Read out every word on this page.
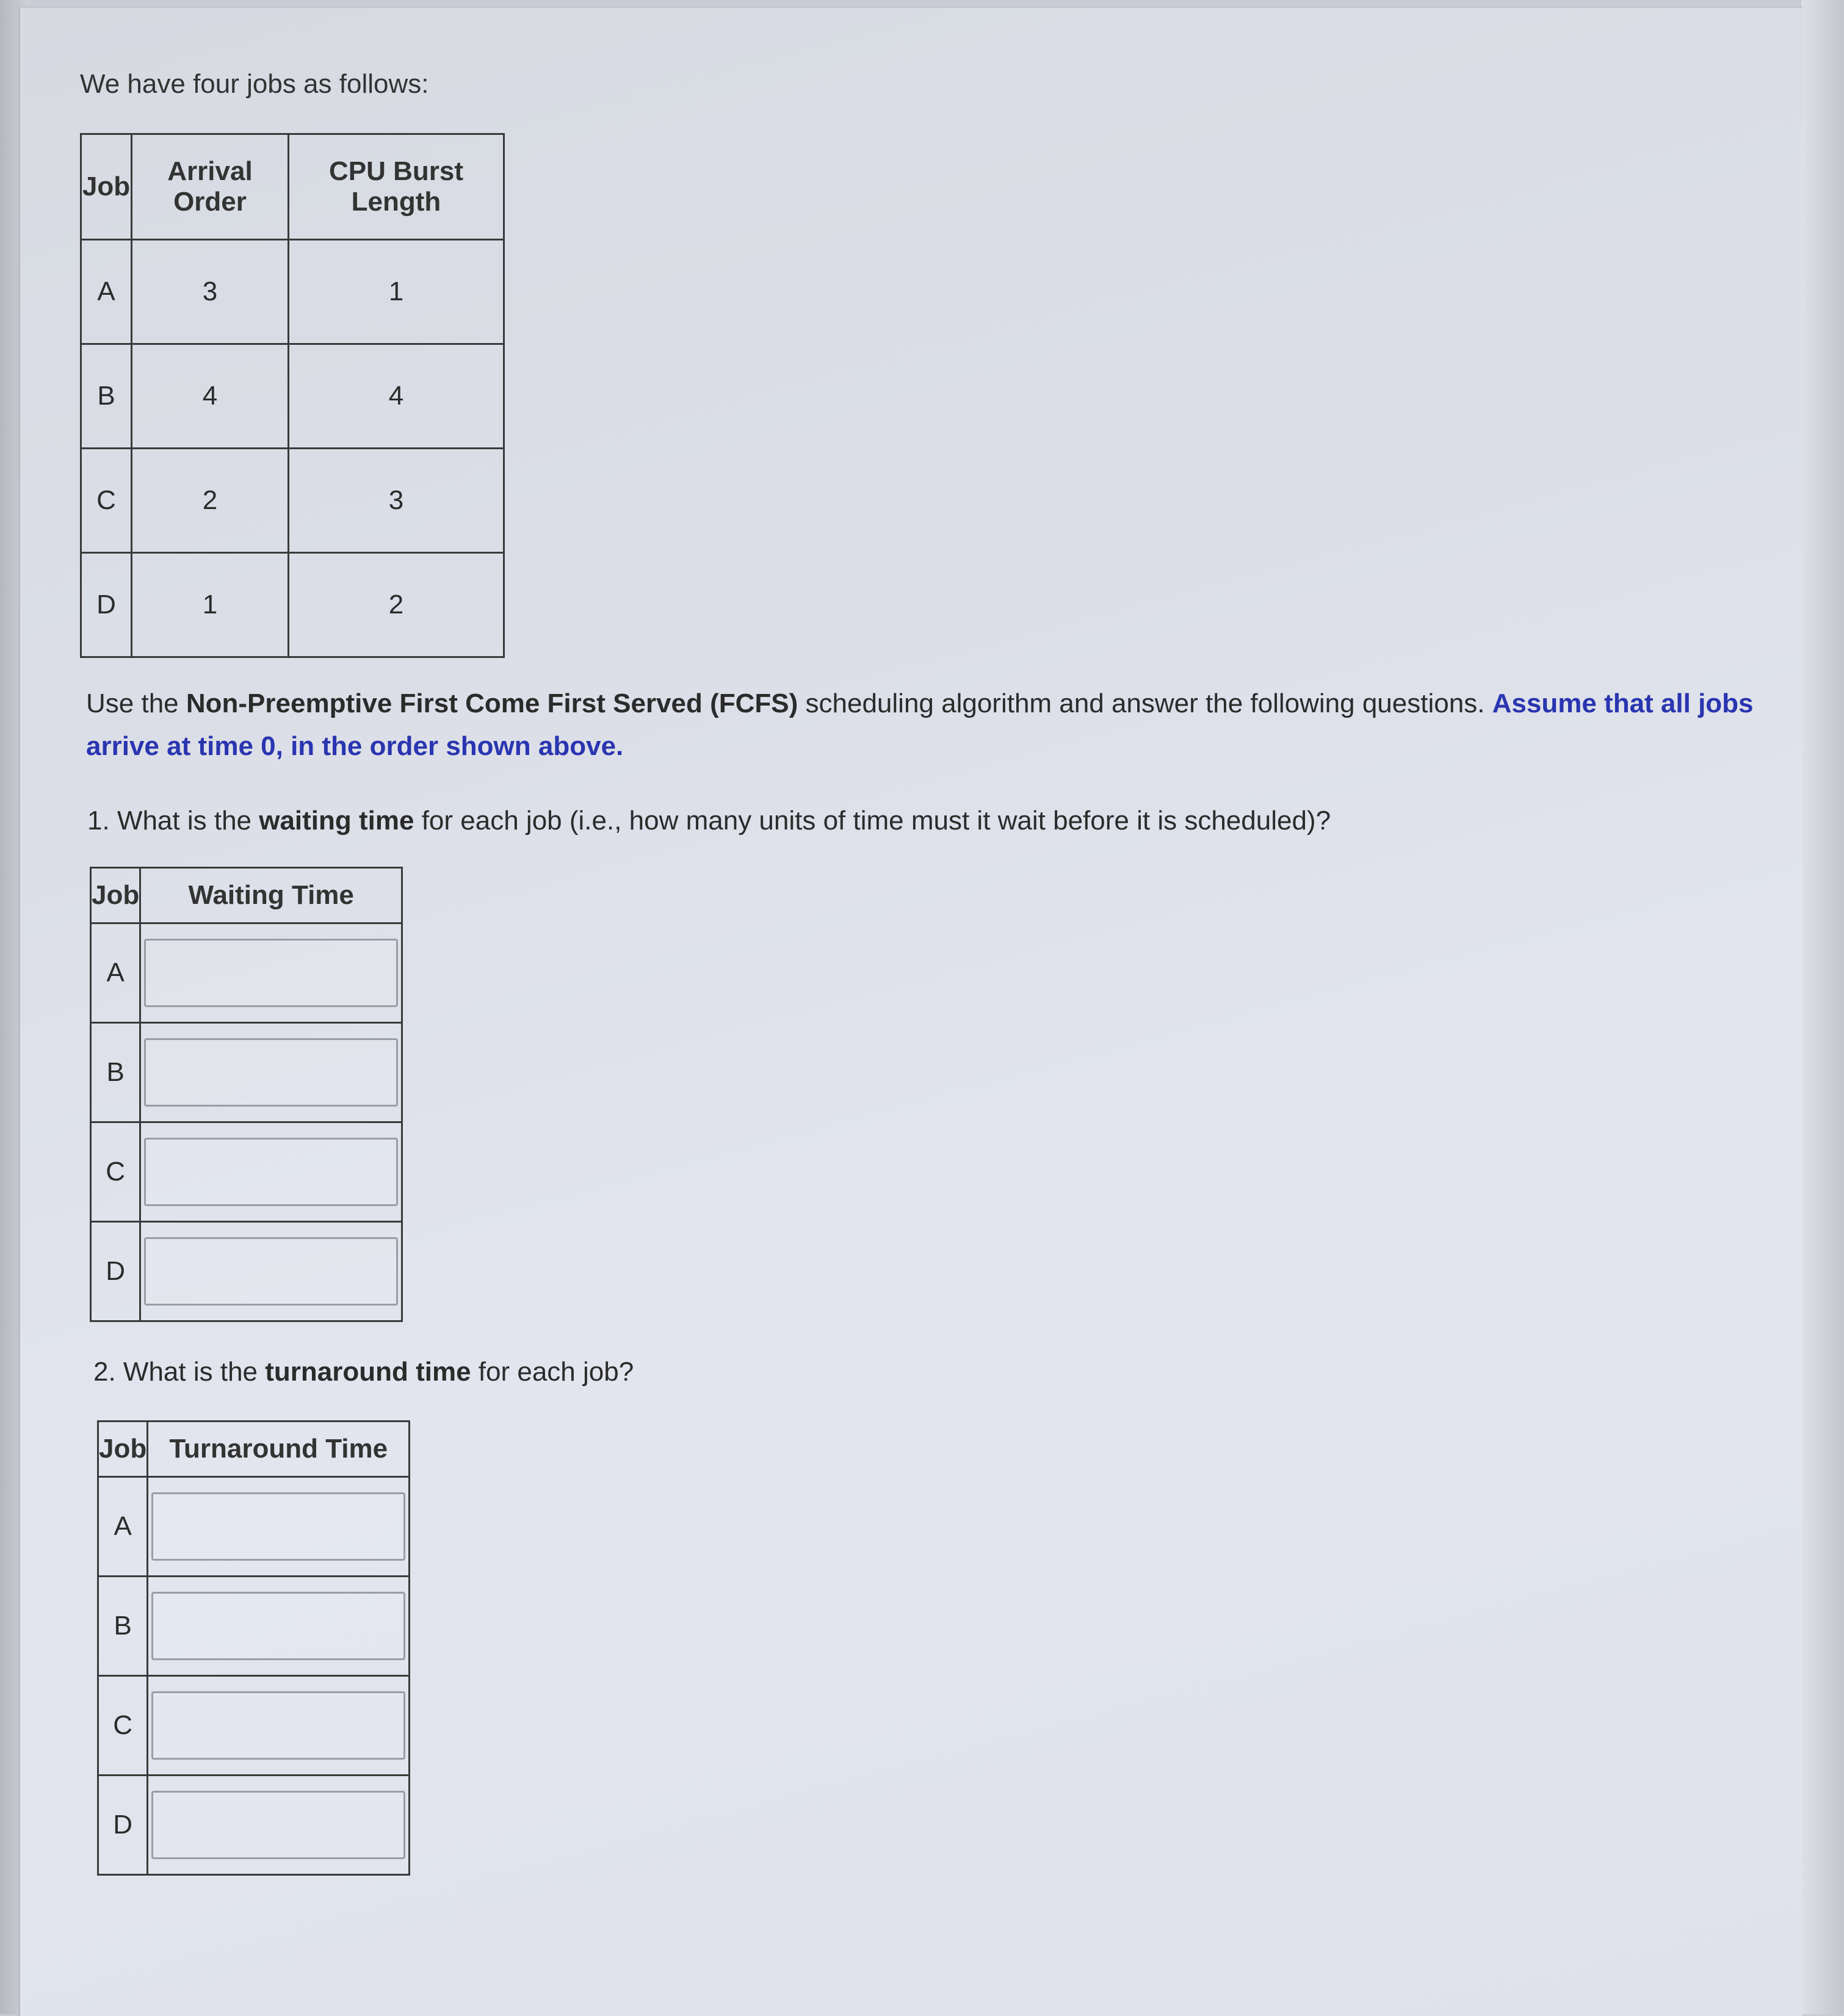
We have four jobs as follows:
Job	Arrival Order	CPU Burst Length
A	3	1
B	4	4
C	2	3
D	1	2
Use the Non-Preemptive First Come First Served (FCFS) scheduling algorithm and answer the following questions. Assume that all jobs arrive at time 0, in the order shown above.
1. What is the waiting time for each job (i.e., how many units of time must it wait before it is scheduled)?
Job	Waiting Time
A	

B	

C	

D	
2. What is the turnaround time for each job?
Job	Turnaround Time
A	

B	

C	

D	
